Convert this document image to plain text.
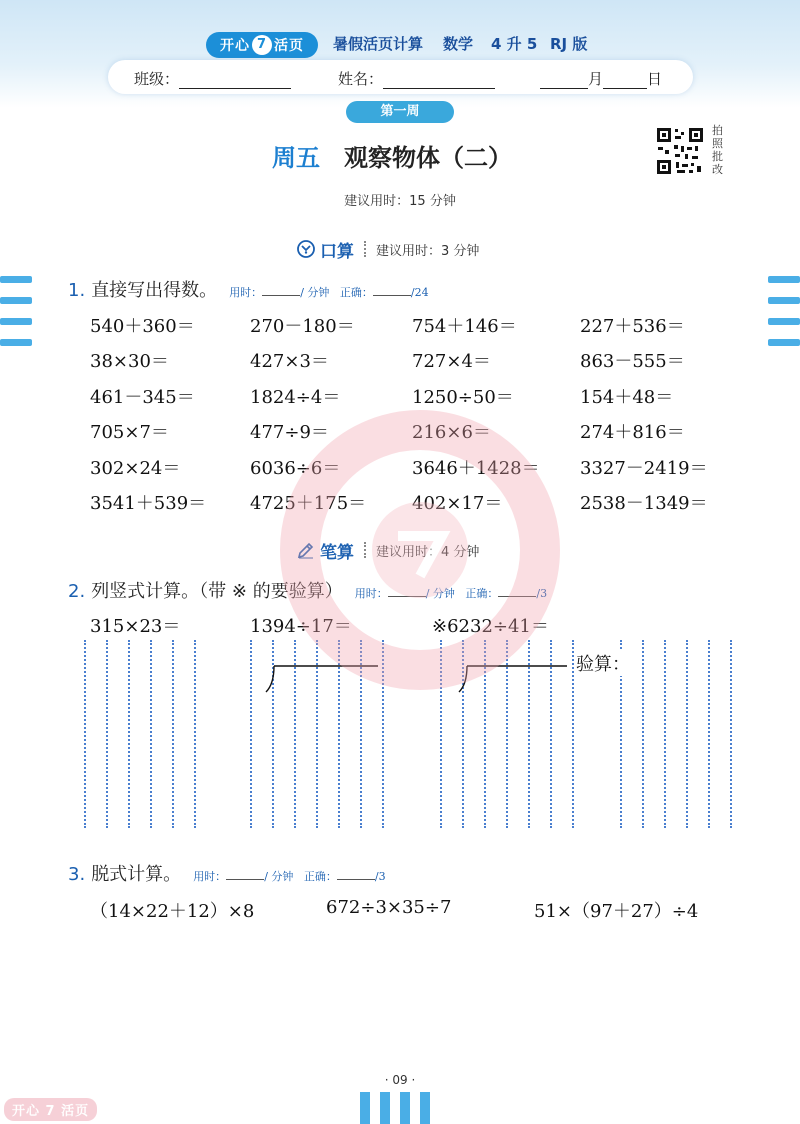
开心 7 活页 暑假活页计算 数学 4 升 5 RJ 版
班级：	姓名：	月	日
第一周
周五 观察物体（二）
拍照批改
建议用时：15 分钟
口算 建议用时：3 分钟
1. 直接写出得数。 用时：	/ 分钟 正确：	/24
540＋360＝	270－180＝	754＋146＝	227＋536＝
38×30＝	427×3＝	727×4＝	863－555＝
461－345＝	1824÷4＝	1250÷50＝	154＋48＝
705×7＝	477÷9＝	216×6＝	274＋816＝
302×24＝	6036÷6＝	3646＋1428＝ 3327－2419＝
3541＋539＝ 4725＋175＝	402×17＝	2538－1349＝
笔算 建议用时：4 分钟
2. 列竖式计算。（带 ※ 的要验算） 用时：	/ 分钟 正确：	/3
315×23＝	1394÷17＝	※6232÷41＝
验算：
3. 脱式计算。 用时：	/ 分钟 正确：	/3
（14×22＋12）×8	672÷3×35÷7	51×（97＋27）÷4
· 09 ·
开心 7 活页
